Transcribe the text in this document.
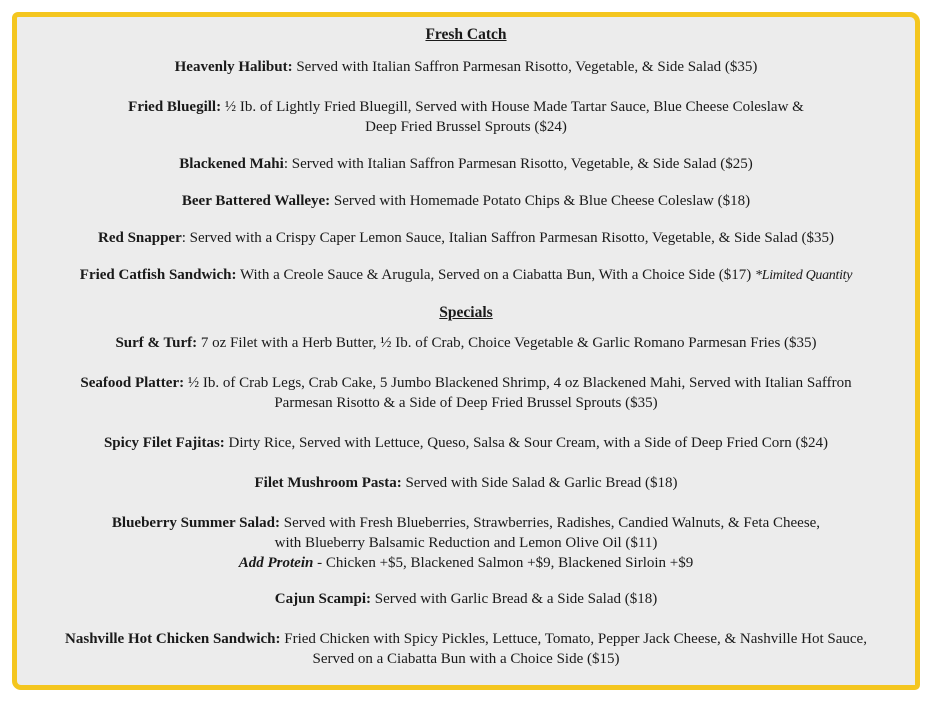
Fresh Catch

Heavenly Halibut: Served with Italian Saffron Parmesan Risotto, Vegetable, & Side Salad ($35)

Fried Bluegill: ½ Ib. of Lightly Fried Bluegill, Served with House Made Tartar Sauce, Blue Cheese Coleslaw &
Deep Fried Brussel Sprouts ($24)

Blackened Mahi: Served with Italian Saffron Parmesan Risotto, Vegetable, & Side Salad ($25)

Beer Battered Walleye: Served with Homemade Potato Chips & Blue Cheese Coleslaw ($18)

Red Snapper: Served with a Crispy Caper Lemon Sauce, Italian Saffron Parmesan Risotto, Vegetable, & Side Salad ($35)

Fried Catfish Sandwich: With a Creole Sauce & Arugula, Served on a Ciabatta Bun, With a Choice Side ($17) *Limited Quantity

Specials

Surf & Turf: 7 oz Filet with a Herb Butter, ½ Ib. of Crab, Choice Vegetable & Garlic Romano Parmesan Fries ($35)

Seafood Platter: ½ Ib. of Crab Legs, Crab Cake, 5 Jumbo Blackened Shrimp, 4 oz Blackened Mahi, Served with Italian Saffron
Parmesan Risotto & a Side of Deep Fried Brussel Sprouts ($35)

Spicy Filet Fajitas: Dirty Rice, Served with Lettuce, Queso, Salsa & Sour Cream, with a Side of Deep Fried Corn ($24)

Filet Mushroom Pasta: Served with Side Salad & Garlic Bread ($18)

Blueberry Summer Salad: Served with Fresh Blueberries, Strawberries, Radishes, Candied Walnuts, & Feta Cheese,
with Blueberry Balsamic Reduction and Lemon Olive Oil ($11)
Add Protein - Chicken +$5, Blackened Salmon +$9, Blackened Sirloin +$9

Cajun Scampi: Served with Garlic Bread & a Side Salad ($18)

Nashville Hot Chicken Sandwich: Fried Chicken with Spicy Pickles, Lettuce, Tomato, Pepper Jack Cheese, & Nashville Hot Sauce,
Served on a Ciabatta Bun with a Choice Side ($15)
